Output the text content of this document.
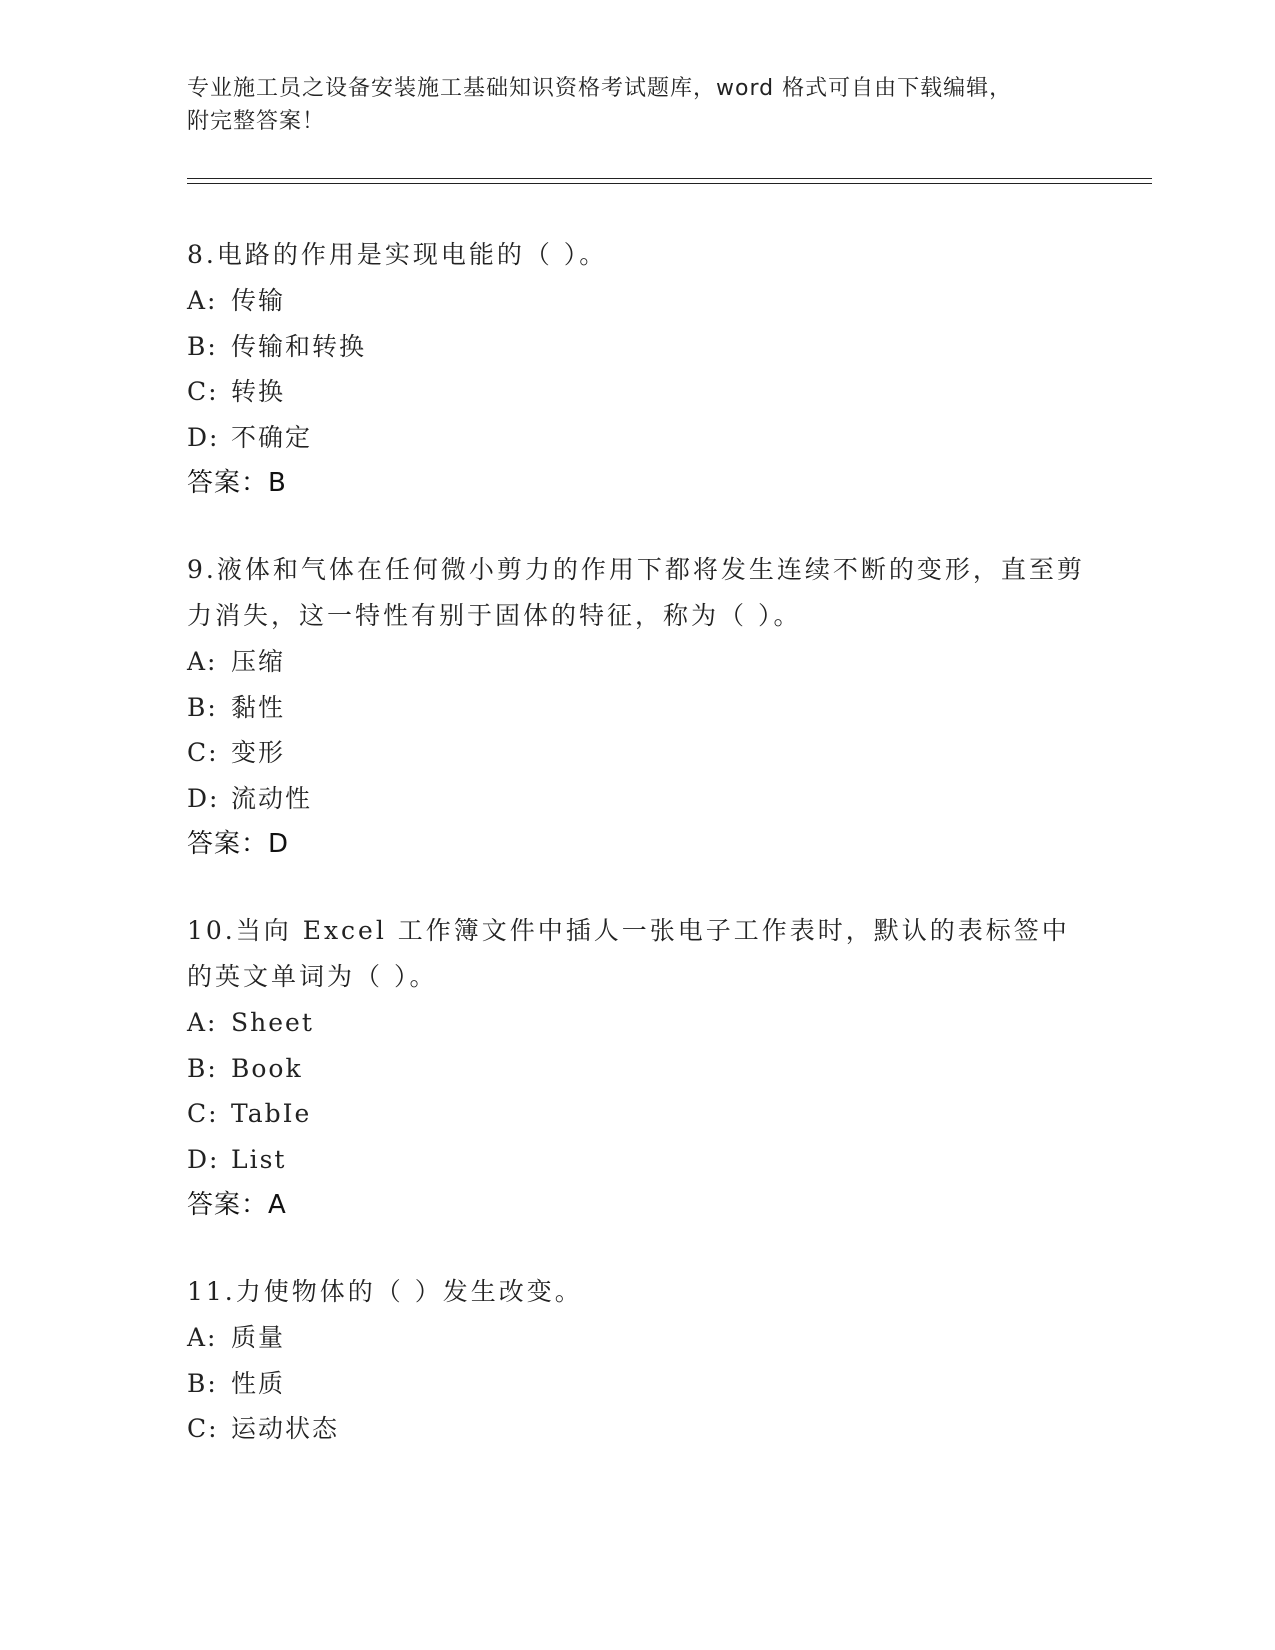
专业施工员之设备安装施工基础知识资格考试题库，word 格式可自由下载编辑，
附完整答案！
8.电路的作用是实现电能的（ ）。
A: 传输
B: 传输和转换
C: 转换
D: 不确定
答案：B
9.液体和气体在任何微小剪力的作用下都将发生连续不断的变形，直至剪力消失，这一特性有别于固体的特征，称为（ ）。
A: 压缩
B: 黏性
C: 变形
D: 流动性
答案：D
10.当向 Excel 工作簿文件中插人一张电子工作表时，默认的表标签中的英文单词为（ ）。
A: Sheet
B: Book
C: TabIe
D: List
答案：A
11.力使物体的（ ）发生改变。
A: 质量
B: 性质
C: 运动状态
